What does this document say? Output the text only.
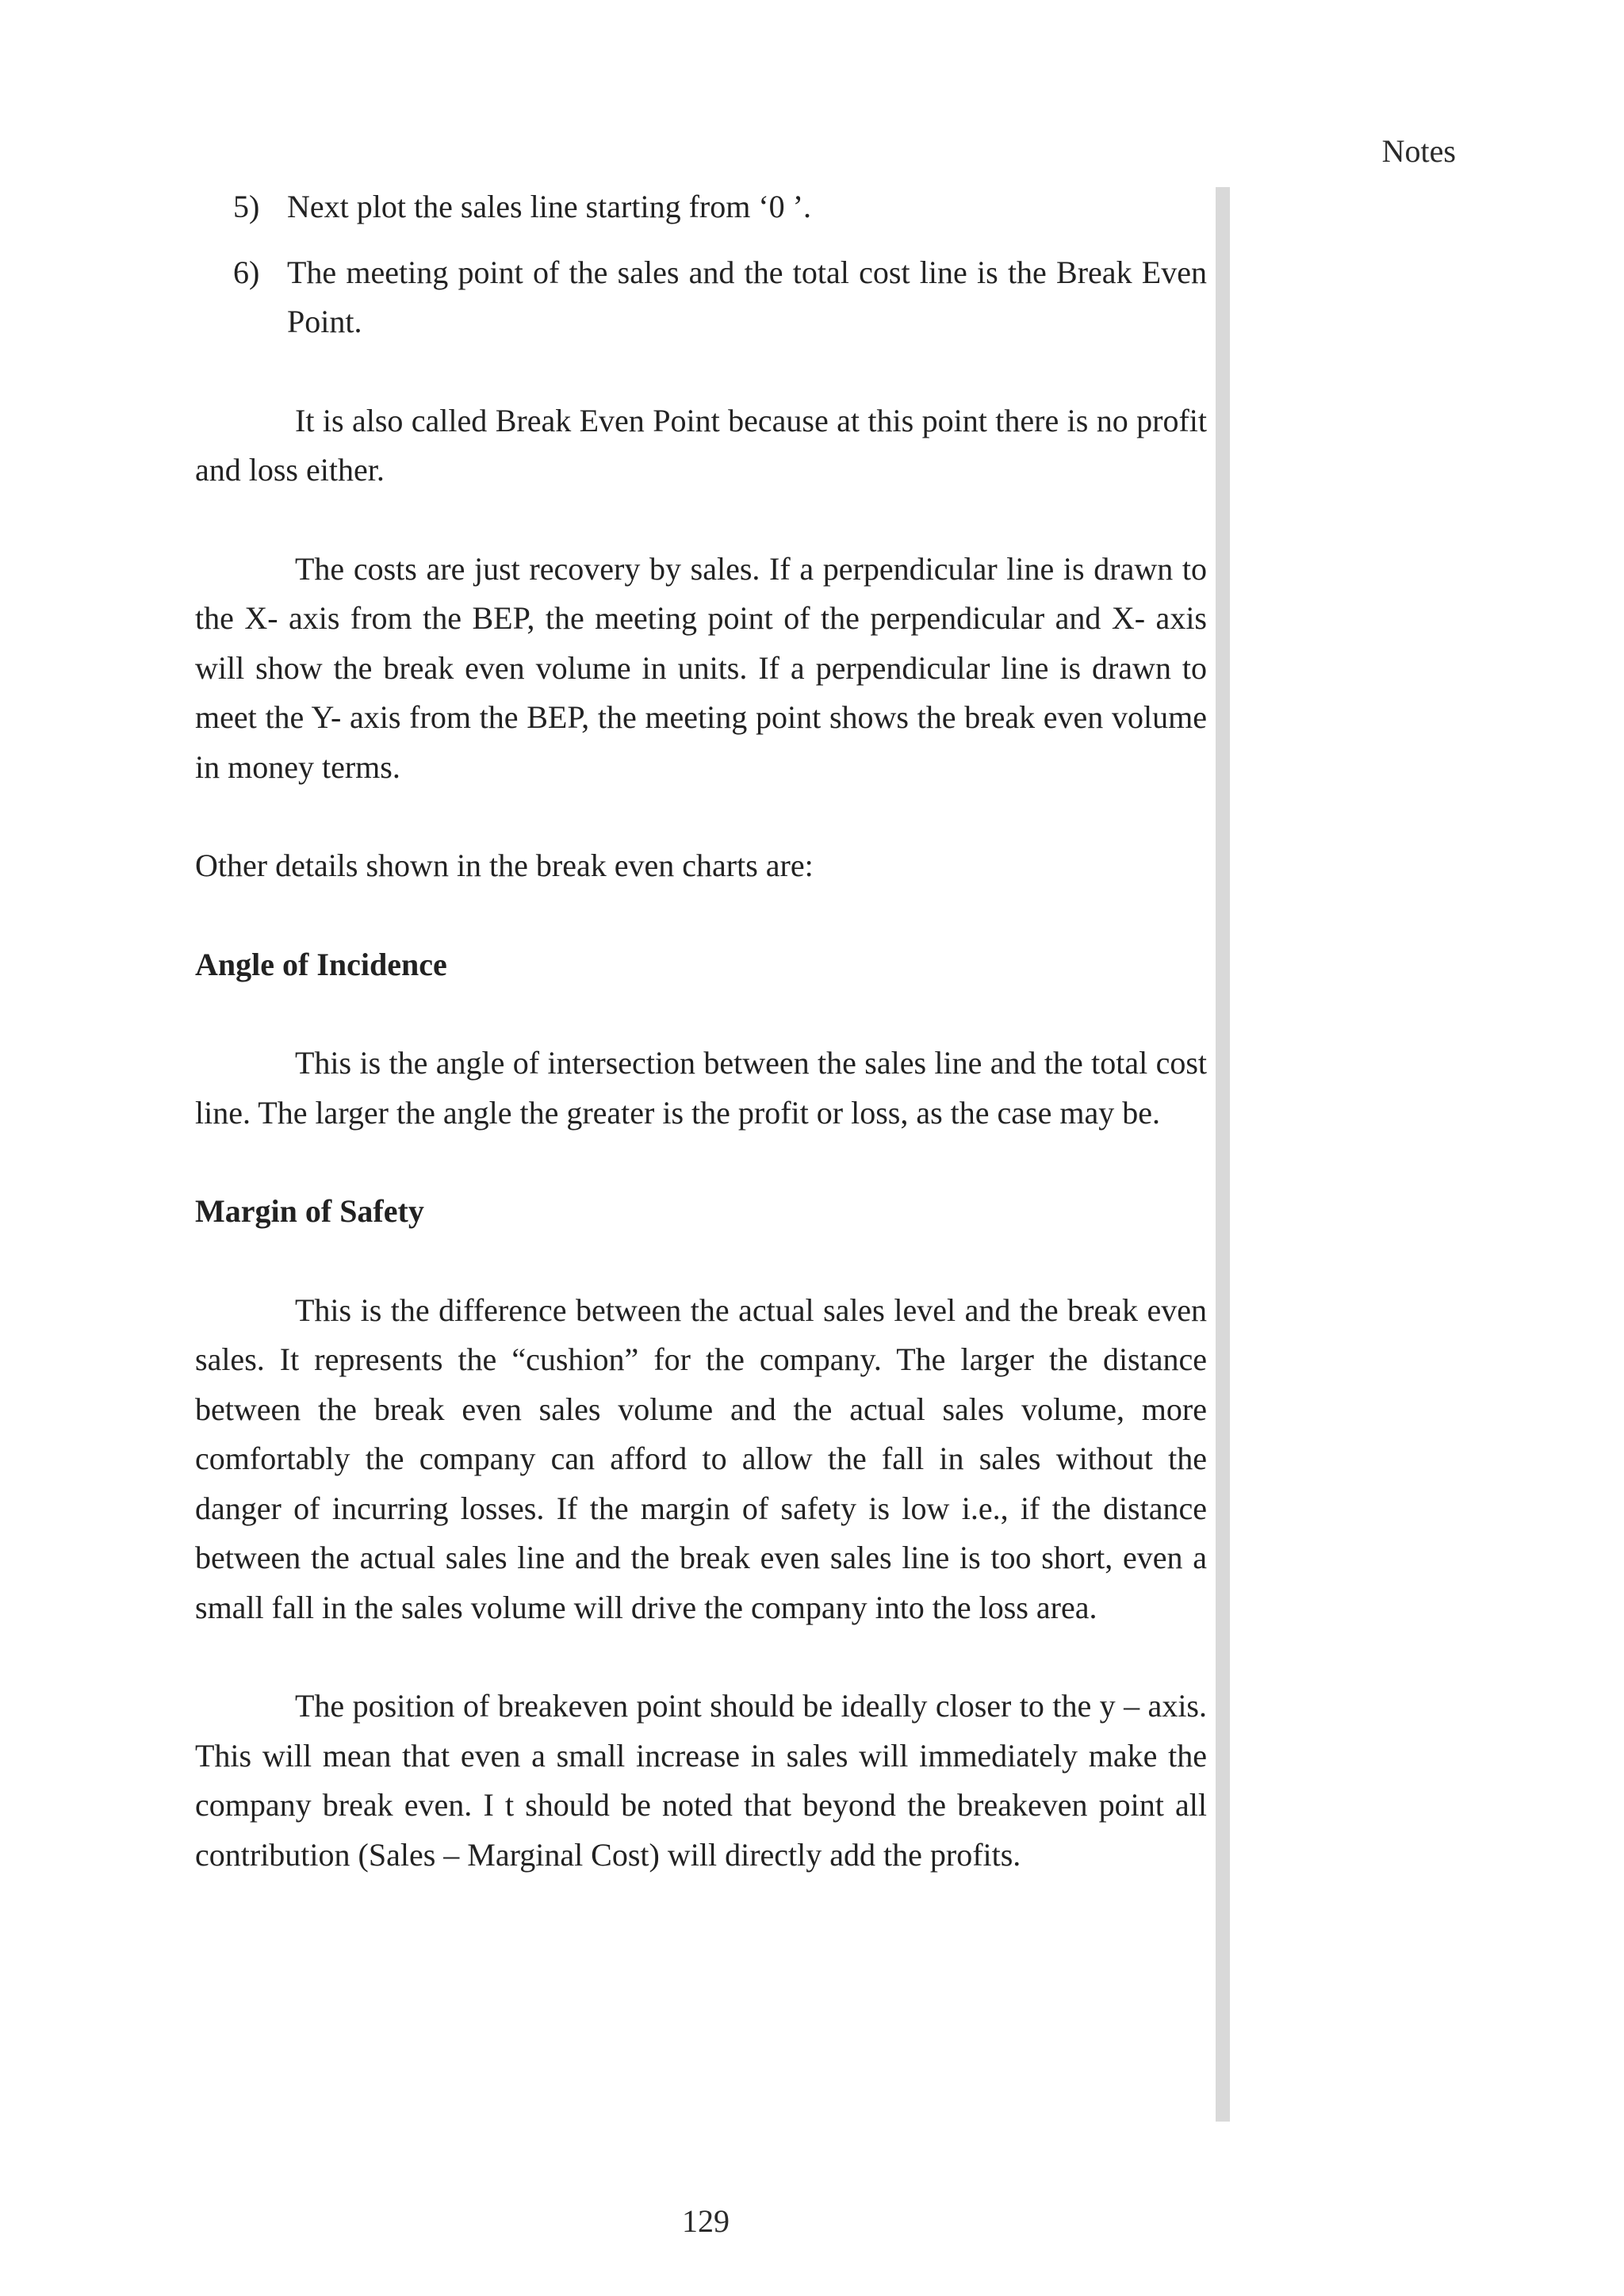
Notes
5) Next plot the sales line starting from ‘0 ’.
6) The meeting point of the sales and the total cost line is the Break Even Point.

It is also called Break Even Point because at this point there is no profit and loss either.

The costs are just recovery by sales. If a perpendicular line is drawn to the X- axis from the BEP, the meeting point of the perpendicular and X- axis will show the break even volume in units. If a perpendicular line is drawn to meet the Y- axis from the BEP, the meeting point shows the break even volume in money terms.

Other details shown in the break even charts are:

Angle of Incidence

This is the angle of intersection between the sales line and the total cost line. The larger the angle the greater is the profit or loss, as the case may be.

Margin of Safety

This is the difference between the actual sales level and the break even sales. It represents the “cushion” for the company. The larger the distance between the break even sales volume and the actual sales volume, more comfortably the company can afford to allow the fall in sales without the danger of incurring losses. If the margin of safety is low i.e., if the distance between the actual sales line and the break even sales line is too short, even a small fall in the sales volume will drive the company into the loss area.

The position of breakeven point should be ideally closer to the y – axis. This will mean that even a small increase in sales will immediately make the company break even. I t should be noted that beyond the breakeven point all contribution (Sales – Marginal Cost) will directly add the profits.

129
